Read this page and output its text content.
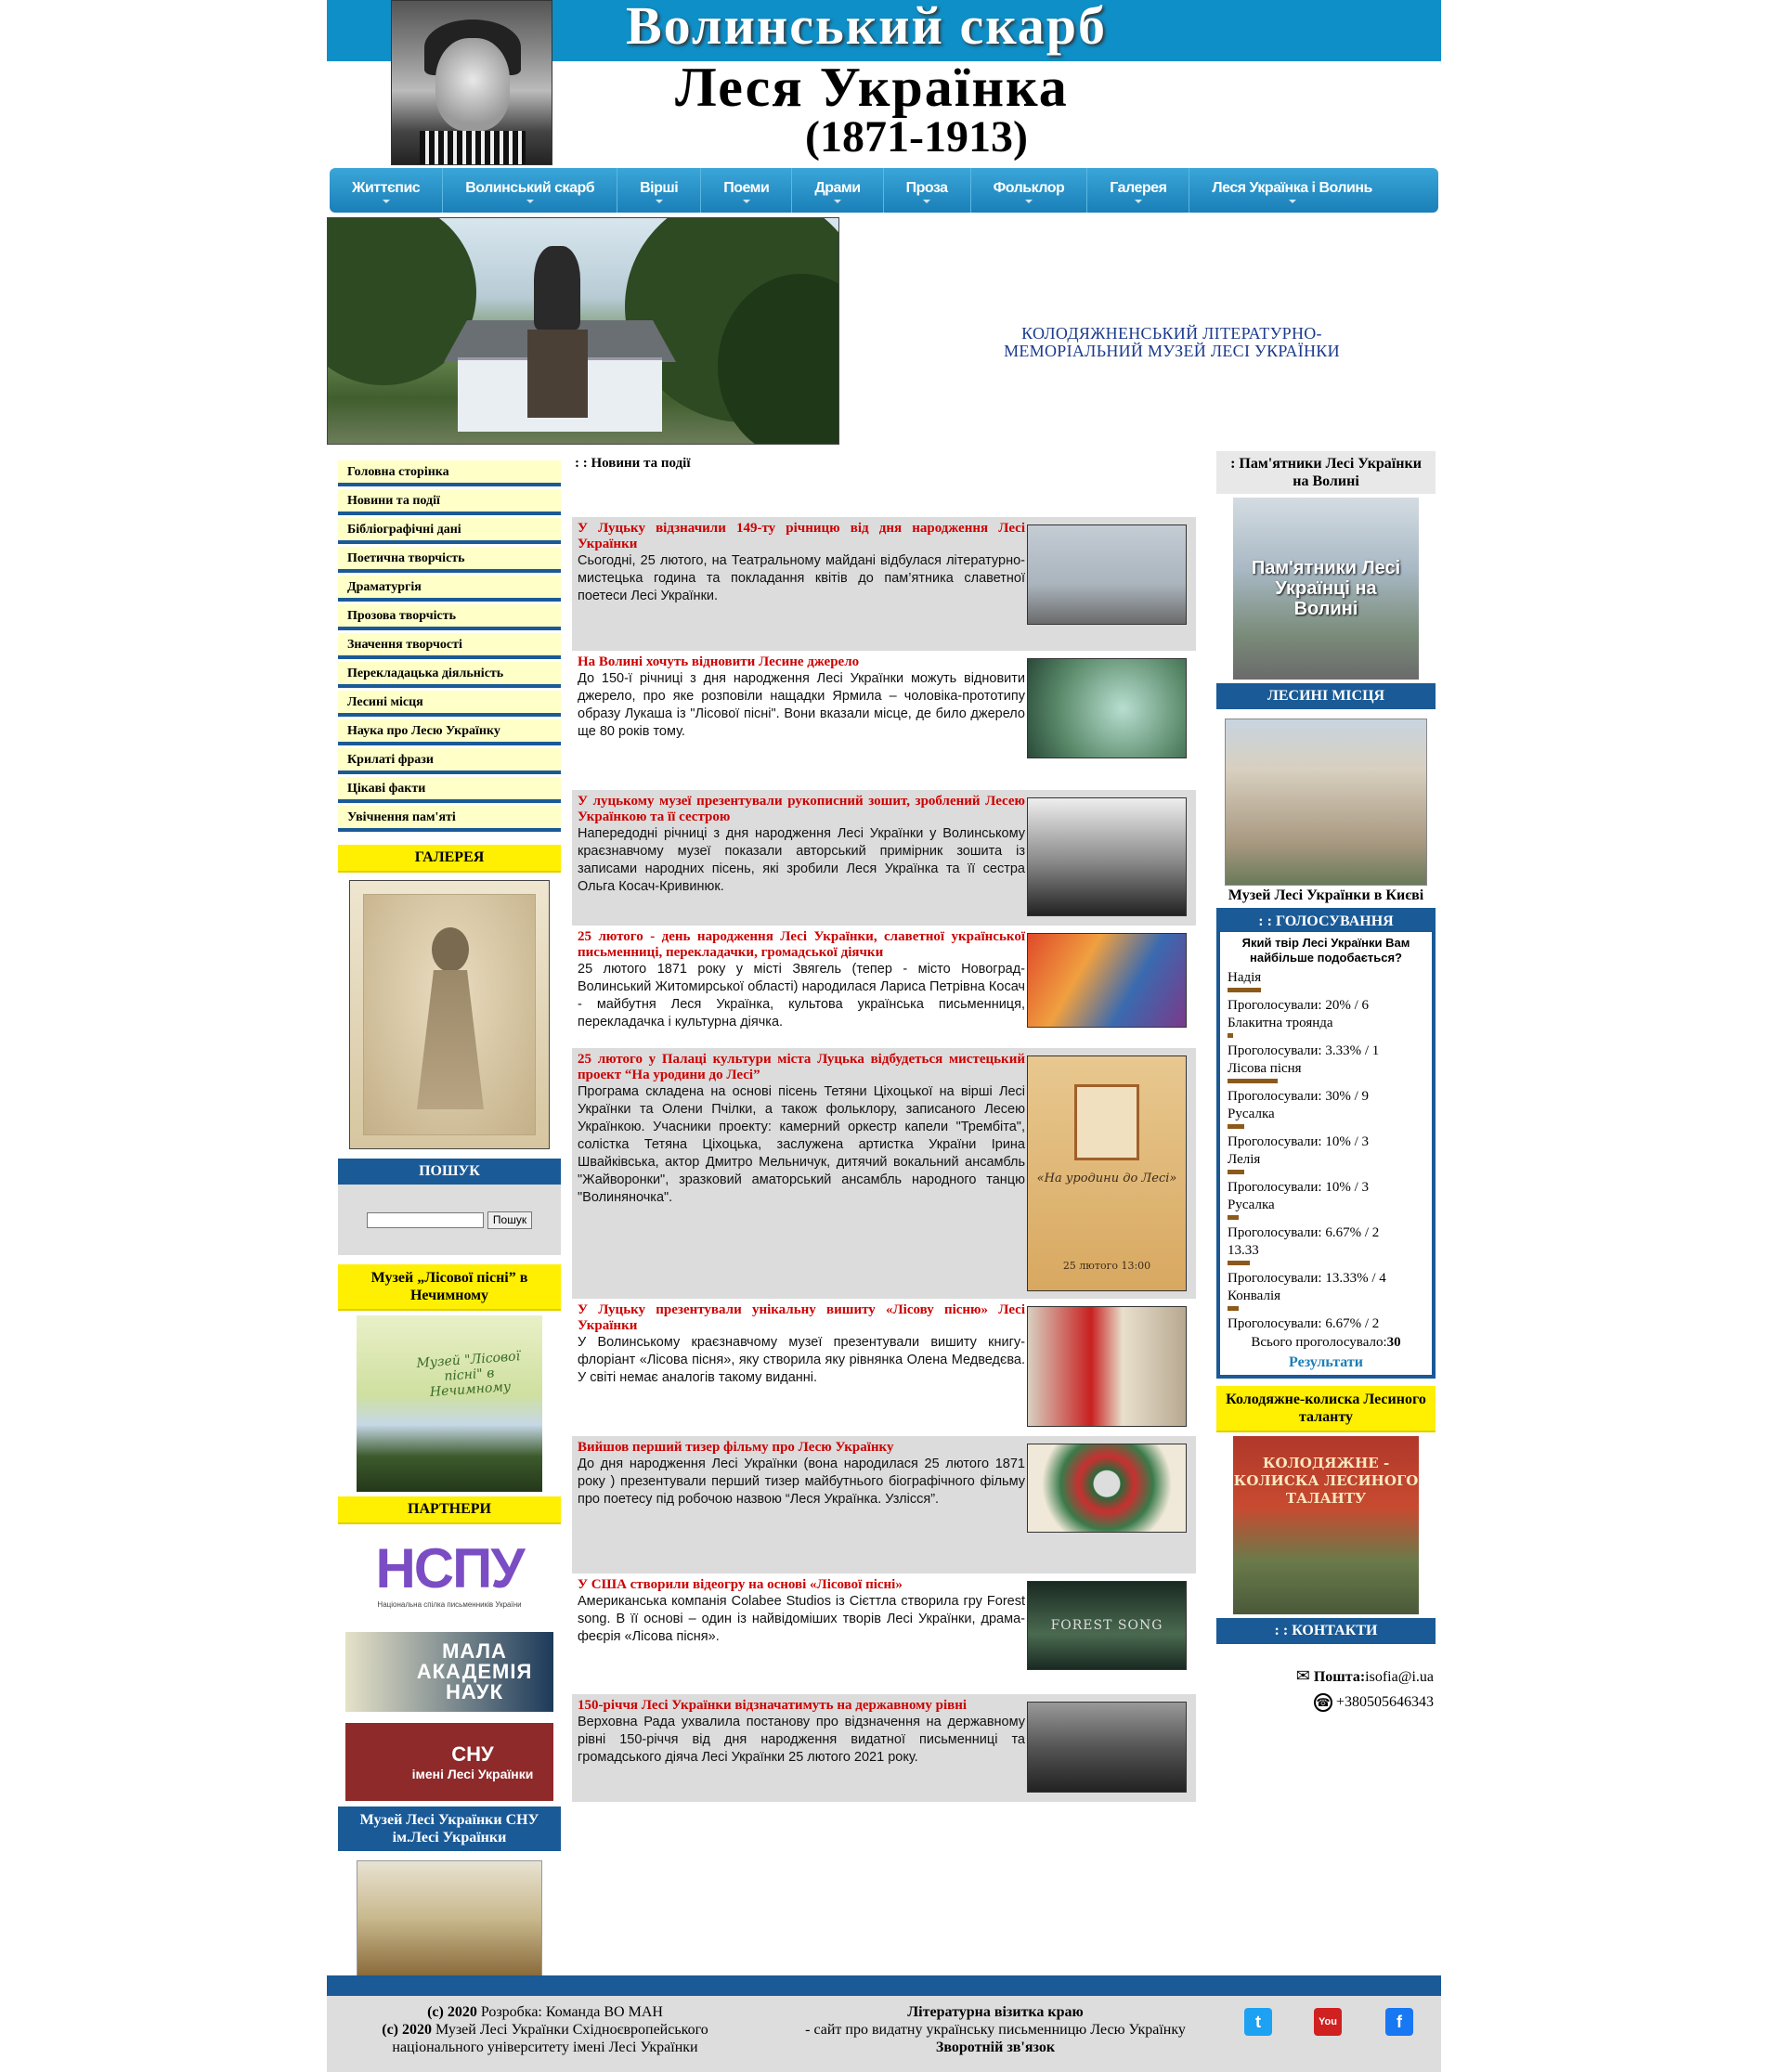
Волинський скарб
Леся Українка
(1871-1913)
Життєпис	Волинський скарб	Вірші	Поеми	Драми	Проза	Фольклор	Галерея	Леся Українка і Волинь
КОЛОДЯЖНЕНСЬКИЙ ЛІТЕРАТУРНО-МЕМОРІАЛЬНИЙ МУЗЕЙ ЛЕСІ УКРАЇНКИ
Головна сторінка
Новини та події
Бібліографічні дані
Поетична творчість
Драматургія
Прозова творчість
Значення творчості
Перекладацька діяльність
Лесині місця
Наука про Лесю Українку
Крилаті фрази
Цікаві факти
Увічнення пам'яті
ГАЛЕРЕЯ
ПОШУК
Пошук
Музей „Лісової пісні” в Нечимному
Музей "Лісової пісні" в Нечимному
ПАРТНЕРИ
НСПУ
Національна спілка письменників України
МАЛА АКАДЕМІЯ НАУК
СНУ
імені Лесі Українки
Музей Лесі Українки СНУ ім.Лесі Українки
: : Новини та події
У Луцьку відзначили 149-ту річницю від дня народження Лесі Українки
Сьогодні, 25 лютого, на Театральному майдані відбулася літературно-мистецька година та покладання квітів до пам’ятника славетної поетеси Лесі Українки.
На Волині хочуть відновити Лесине джерело
До 150-ї річниці з дня народження Лесі Українки можуть відновити джерело, про яке розповіли нащадки Ярмила – чоловіка-прототипу образу Лукаша із "Лісової пісні". Вони вказали місце, де било джерело ще 80 років тому.
У луцькому музеї презентували рукописний зошит, зроблений Лесею Українкою та її сестрою
Напередодні річниці з дня народження Лесі Українки у Волинському краєзнавчому музеї показали авторський примірник зошита із записами народних пісень, які зробили Леся Українка та її сестра Ольга Косач-Кривинюк.
25 лютого - день народження Лесі Українки, славетної української письменниці, перекладачки, громадської діячки
25 лютого 1871 року у місті Звягель (тепер - місто Новоград-Волинський Житомирської області) народилася Лариса Петрівна Косач - майбутня Леся Українка, культова українська письменниця, перекладачка і культурна діячка.
25 лютого у Палаці культури міста Луцька відбудеться мистецький проект “На уродини до Лесі”
Програма складена на основі пісень Тетяни Ціхоцької на вірші Лесі Українки та Олени Пчілки, а також фольклору, записаного Лесею Українкою. Учасники проекту: камерний оркестр капели "Трембіта", солістка Тетяна Ціхоцька, заслужена артистка України Ірина Швайківська, актор Дмитро Мельничук, дитячий вокальний ансамбль "Жайворонки", зразковий аматорський ансамбль народного танцю "Волиняночка".
«На уродини до Лесі»
25 лютого 13:00
У Луцьку презентували унікальну вишиту «Лісову пісню» Лесі Українки
У Волинському краєзнавчому музеї презентували вишиту книгу-флоріант «Лісова пісня», яку створила яку рівнянка Олена Медведєва. У світі немає аналогів такому виданні.
Вийшов перший тизер фільму про Лесю Українку
До дня народження Лесі Українки (вона народилася 25 лютого 1871 року ) презентували перший тизер майбутнього біографічного фільму про поетесу під робочою назвою “Леся Українка. Узлісся”.
У США створили відеогру на основі «Лісової пісні»
Американська компанія Colabee Studios із Сієттла створила гру Forest song. В її основі – один із найвідоміших творів Лесі Українки, драма-феєрія «Лісова пісня».
FOREST SONG
150-річчя Лесі Українки відзначатимуть на державному рівні
Верховна Рада ухвалила постанову про відзначення на державному рівні 150-річчя від дня народження видатної письменниці та громадського діяча Лесі Українки 25 лютого 2021 року.
: Пам'ятники Лесі Українки на Волині
Пам'ятники Лесі Українці на Волині
ЛЕСИНІ МІСЦЯ
Музей Лесі Українки в Києві
: : ГОЛОСУВАННЯ
Який твір Лесі Українки Вам найбільше подобається?
Надія
Проголосували: 20% / 6
Блакитна троянда
Проголосували: 3.33% / 1
Лісова пісня
Проголосували: 30% / 9
Русалка
Проголосували: 10% / 3
Лелія
Проголосували: 10% / 3
Русалка
Проголосували: 6.67% / 2
13.33
Проголосували: 13.33% / 4
Конвалія
Проголосували: 6.67% / 2
Всього проголосувало:30
Результати
Колодяжне-колиска Лесиного таланту
КОЛОДЯЖНЕ - КОЛИСКА ЛЕСИНОГО ТАЛАНТУ
: : КОНТАКТИ
✉ Пошта:isofia@i.ua
☎ +380505646343
(c) 2020 Розробка: Команда ВО МАН
(c) 2020 Музей Лесі Українки Східноєвропейського національного університету імені Лесі Українки
Літературна візитка краю
- сайт про видатну українську письменницю Лесю Українку
Зворотній зв'язок
t	You	f
